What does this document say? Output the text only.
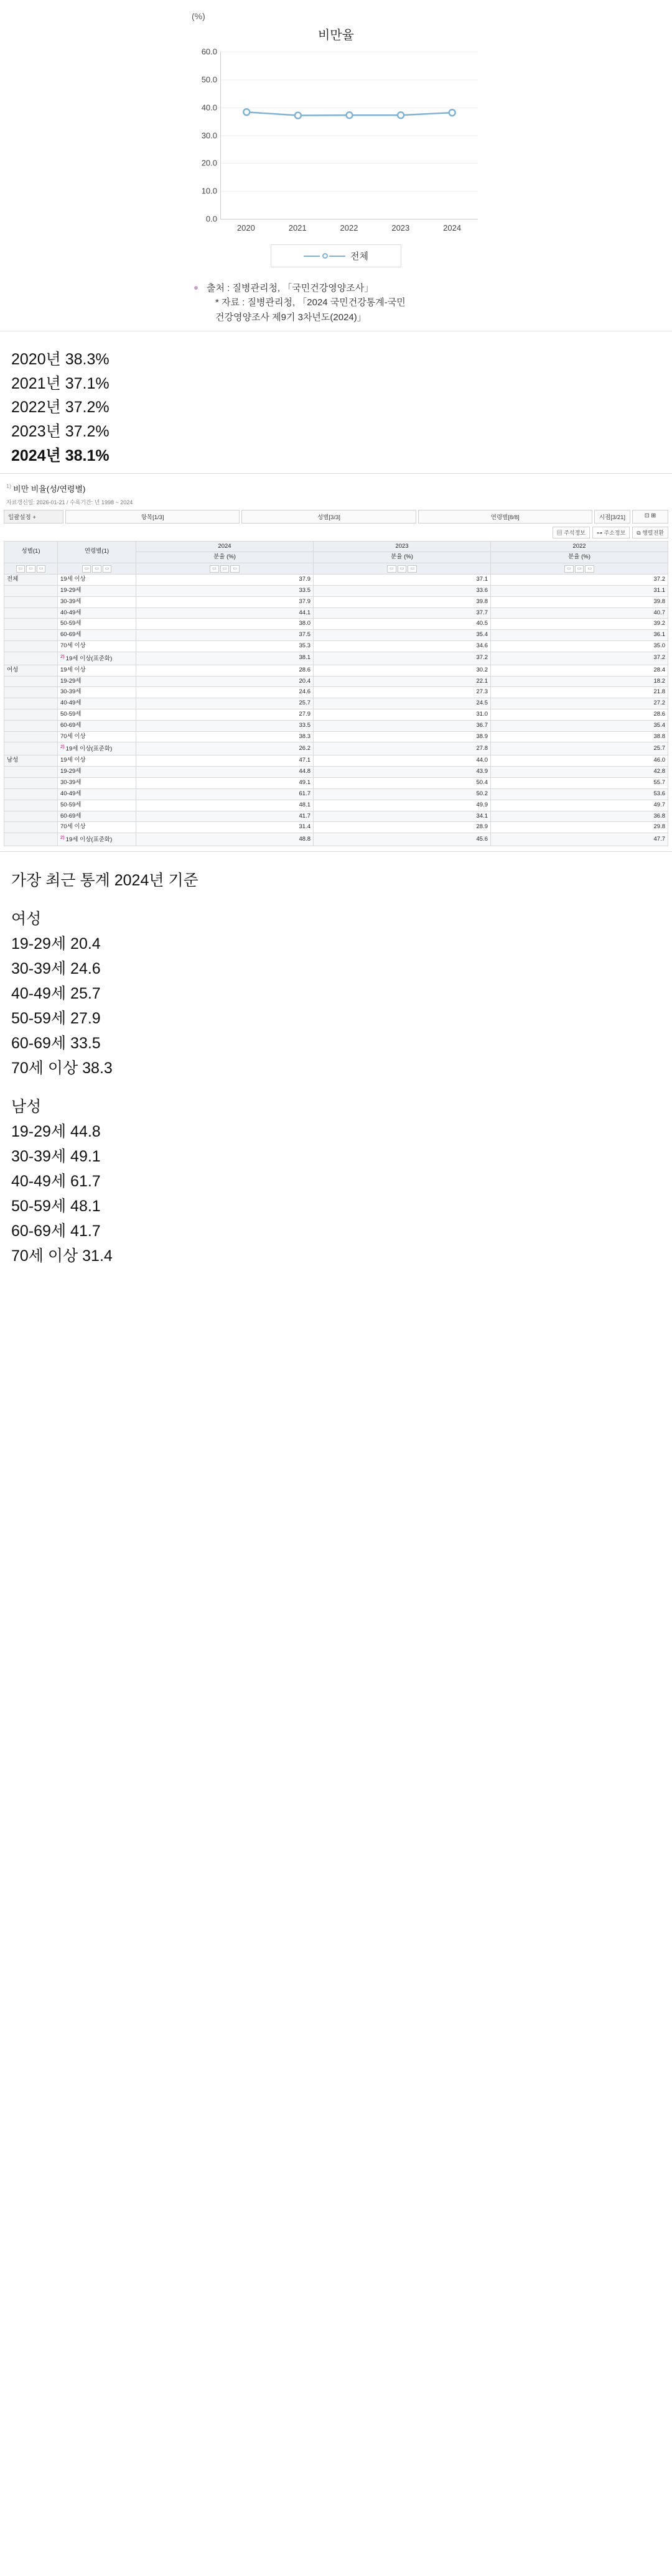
(%)
비만율
0.0
10.0
20.0
30.0
40.0
50.0
60.0
2020	2021	2022	2023	2024
전체
출처 : 질병관리청, 「국민건강영양조사」
* 자료 : 질병관리청, 「2024 국민건강통계-국민
건강영양조사 제9기 3차년도(2024)」
2020년 38.3%
2021년 37.1%
2022년 37.2%
2023년 37.2%
2024년 38.1%
$^{1)}$ 비만 비율(성/연령별)
자료갱신일: 2026-01-21 / 수록기간: 년 1998 ~ 2024
일괄설정 +	항목[1/3]	성별[3/3]	연령별[8/8]	시점[3/21]	⊡ ⊞
▤ 주석정보	⊶ 주소정보	⧉ 행렬전환
성별(1)	연령별(1)	2024	2023	2022
		분율 (%)	분율 (%)	분율 (%)
▭ ▭ ▭	▭ ▭ ▭	▭ ▭ ▭	▭ ▭ ▭	▭ ▭ ▭
전체	19세 이상	37.9	37.1	37.2
	19-29세	33.5	33.6	31.1
	30-39세	37.9	39.8	39.8
	40-49세	44.1	37.7	40.7
	50-59세	38.0	40.5	39.2
	60-69세	37.5	35.4	36.1
	70세 이상	35.3	34.6	35.0
	$^{2)}$ 19세 이상(표준화)	38.1	37.2	37.2
여성	19세 이상	28.6	30.2	28.4
	19-29세	20.4	22.1	18.2
	30-39세	24.6	27.3	21.8
	40-49세	25.7	24.5	27.2
	50-59세	27.9	31.0	28.6
	60-69세	33.5	36.7	35.4
	70세 이상	38.3	38.9	38.8
	$^{2)}$ 19세 이상(표준화)	26.2	27.8	25.7
남성	19세 이상	47.1	44.0	46.0
	19-29세	44.8	43.9	42.8
	30-39세	49.1	50.4	55.7
	40-49세	61.7	50.2	53.6
	50-59세	48.1	49.9	49.7
	60-69세	41.7	34.1	36.8
	70세 이상	31.4	28.9	29.8
	$^{2)}$ 19세 이상(표준화)	48.8	45.6	47.7
가장 최근 통계 2024년 기준
여성
19-29세 20.4
30-39세 24.6
40-49세 25.7
50-59세 27.9
60-69세 33.5
70세 이상 38.3
남성
19-29세 44.8
30-39세 49.1
40-49세 61.7
50-59세 48.1
60-69세 41.7
70세 이상 31.4
